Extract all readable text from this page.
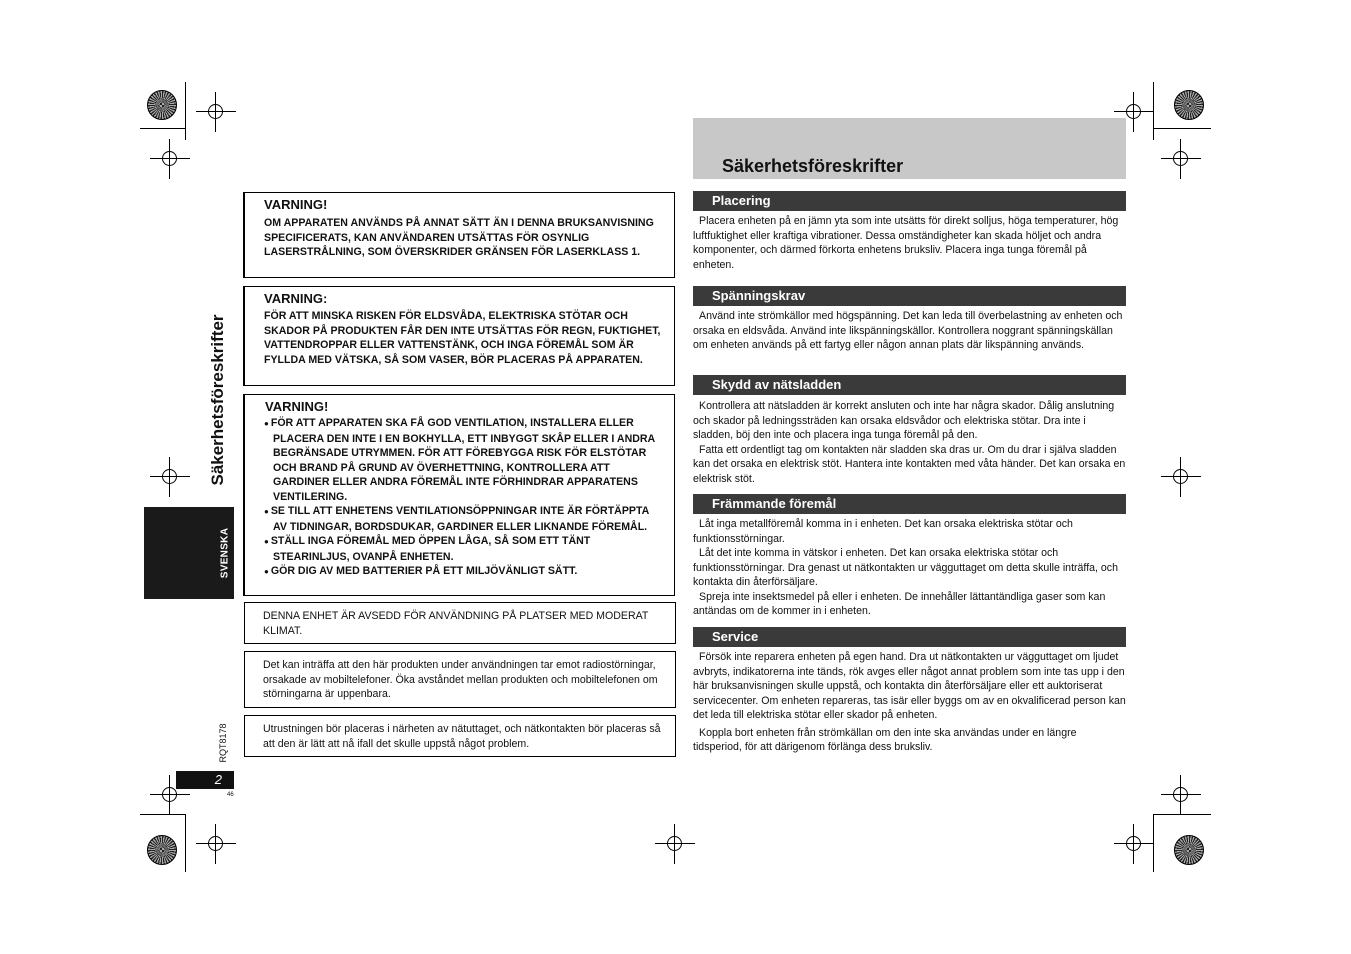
Säkerhetsföreskrifter
SVENSKA
RQT8178
2
46
VARNING!
OM APPARATEN ANVÄNDS PÅ ANNAT SÄTT ÄN I DENNA BRUKSANVISNING SPECIFICERATS, KAN ANVÄNDAREN UTSÄTTAS FÖR OSYNLIG LASERSTRÅLNING, SOM ÖVERSKRIDER GRÄNSEN FÖR LASERKLASS 1.
VARNING:
FÖR ATT MINSKA RISKEN FÖR ELDSVÅDA, ELEKTRISKA STÖTAR OCH SKADOR PÅ PRODUKTEN FÅR DEN INTE UTSÄTTAS FÖR REGN, FUKTIGHET, VATTENDROPPAR ELLER VATTENSTÄNK, OCH INGA FÖREMÅL SOM ÄR FYLLDA MED VÄTSKA, SÅ SOM VASER, BÖR PLACERAS PÅ APPARATEN.
VARNING!
● FÖR ATT APPARATEN SKA FÅ GOD VENTILATION, INSTALLERA ELLER PLACERA DEN INTE I EN BOKHYLLA, ETT INBYGGT SKÅP ELLER I ANDRA BEGRÄNSADE UTRYMMEN. FÖR ATT FÖREBYGGA RISK FÖR ELSTÖTAR OCH BRAND PÅ GRUND AV ÖVERHETTNING, KONTROLLERA ATT GARDINER ELLER ANDRA FÖREMÅL INTE FÖRHINDRAR APPARATENS VENTILERING.
● SE TILL ATT ENHETENS VENTILATIONSÖPPNINGAR INTE ÄR FÖRTÄPPTA AV TIDNINGAR, BORDSDUKAR, GARDINER ELLER LIKNANDE FÖREMÅL.
● STÄLL INGA FÖREMÅL MED ÖPPEN LÅGA, SÅ SOM ETT TÄNT STEARINLJUS, OVANPÅ ENHETEN.
● GÖR DIG AV MED BATTERIER PÅ ETT MILJÖVÄNLIGT SÄTT.
DENNA ENHET ÄR AVSEDD FÖR ANVÄNDNING PÅ PLATSER MED MODERAT KLIMAT.
Det kan inträffa att den här produkten under användningen tar emot radiostörningar, orsakade av mobiltelefoner. Öka avståndet mellan produkten och mobiltelefonen om störningarna är uppenbara.
Utrustningen bör placeras i närheten av nätuttaget, och nätkontakten bör placeras så att den är lätt att nå ifall det skulle uppstå något problem.
Säkerhetsföreskrifter
Placering

Placera enheten på en jämn yta som inte utsätts för direkt solljus, höga temperaturer, hög luftfuktighet eller kraftiga vibrationer. Dessa omständigheter kan skada höljet och andra komponenter, och därmed förkorta enhetens bruksliv. Placera inga tunga föremål på enheten.

Spänningskrav

Använd inte strömkällor med högspänning. Det kan leda till överbelastning av enheten och orsaka en eldsvåda. Använd inte likspänningskällor. Kontrollera noggrant spänningskällan om enheten används på ett fartyg eller någon annan plats där likspänning används.

Skydd av nätsladden

Kontrollera att nätsladden är korrekt ansluten och inte har några skador. Dålig anslutning och skador på ledningssträden kan orsaka eldsvådor och elektriska stötar. Dra inte i sladden, böj den inte och placera inga tunga föremål på den.

Fatta ett ordentligt tag om kontakten när sladden ska dras ur. Om du drar i själva sladden kan det orsaka en elektrisk stöt. Hantera inte kontakten med våta händer. Det kan orsaka en elektrisk stöt.

Främmande föremål

Låt inga metallföremål komma in i enheten. Det kan orsaka elektriska stötar och funktionsstörningar.

Låt det inte komma in vätskor i enheten. Det kan orsaka elektriska stötar och funktionsstörningar. Dra genast ut nätkontakten ur vägguttaget om detta skulle inträffa, och kontakta din återförsäljare.

Spreja inte insektsmedel på eller i enheten. De innehåller lättantändliga gaser som kan antändas om de kommer in i enheten.

Service

Försök inte reparera enheten på egen hand. Dra ut nätkontakten ur vägguttaget om ljudet avbryts, indikatorerna inte tänds, rök avges eller något annat problem som inte tas upp i den här bruksanvisningen skulle uppstå, och kontakta din återförsäljare eller ett auktoriserat servicecenter. Om enheten repareras, tas isär eller byggs om av en okvalificerad person kan det leda till elektriska stötar eller skador på enheten.

Koppla bort enheten från strömkällan om den inte ska användas under en längre tidsperiod, för att därigenom förlänga dess bruksliv.
